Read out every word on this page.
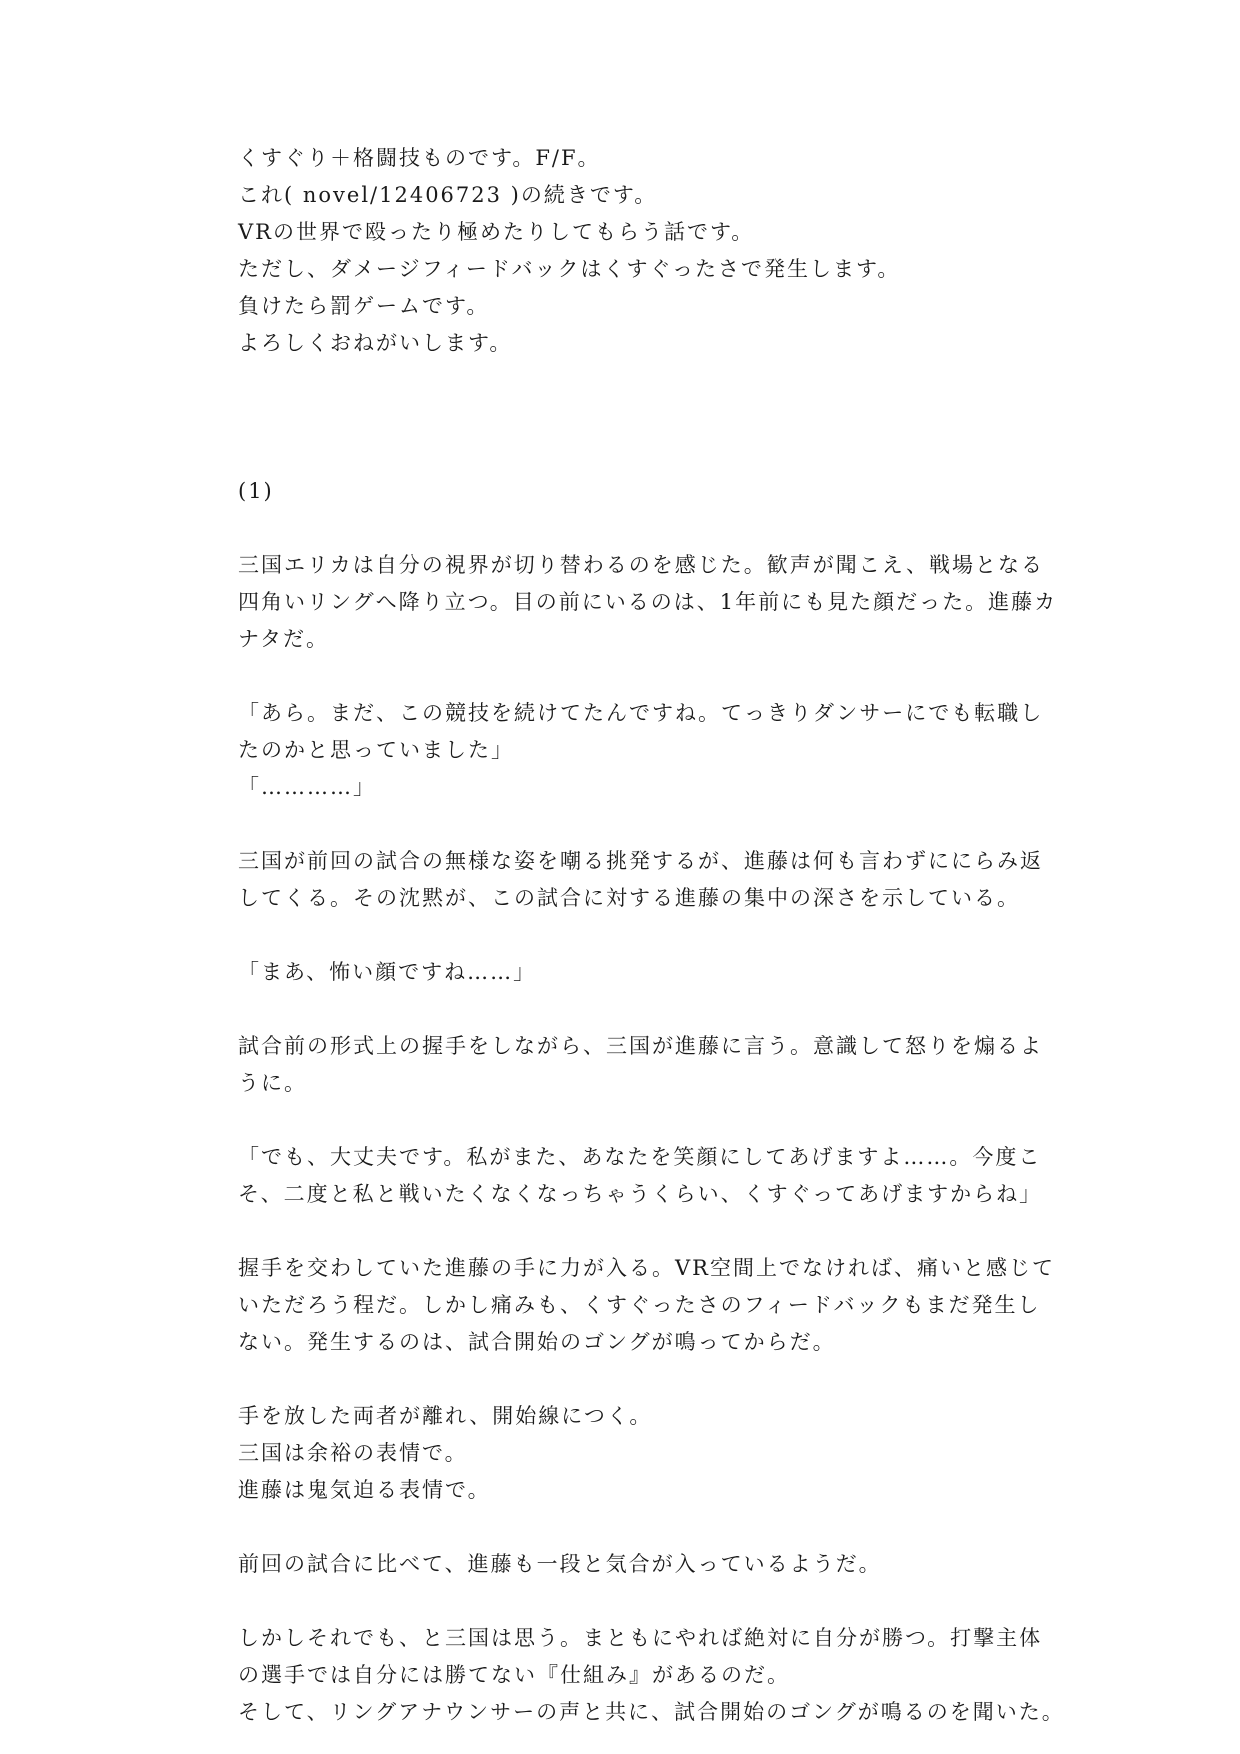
くすぐり＋格闘技ものです。F/F。
これ( novel/12406723 )の続きです。
VRの世界で殴ったり極めたりしてもらう話です。
ただし、ダメージフィードバックはくすぐったさで発生します。
負けたら罰ゲームです。
よろしくおねがいします。
(1)
三国エリカは自分の視界が切り替わるのを感じた。歓声が聞こえ、戦場となる
四角いリングへ降り立つ。目の前にいるのは、1年前にも見た顔だった。進藤カ
ナタだ。
「あら。まだ、この競技を続けてたんですね。てっきりダンサーにでも転職し
たのかと思っていました」
「…………」
三国が前回の試合の無様な姿を嘲る挑発するが、進藤は何も言わずににらみ返
してくる。その沈黙が、この試合に対する進藤の集中の深さを示している。
「まあ、怖い顔ですね……」
試合前の形式上の握手をしながら、三国が進藤に言う。意識して怒りを煽るよ
うに。
「でも、大丈夫です。私がまた、あなたを笑顔にしてあげますよ……。今度こ
そ、二度と私と戦いたくなくなっちゃうくらい、くすぐってあげますからね」
握手を交わしていた進藤の手に力が入る。VR空間上でなければ、痛いと感じて
いただろう程だ。しかし痛みも、くすぐったさのフィードバックもまだ発生し
ない。発生するのは、試合開始のゴングが鳴ってからだ。
手を放した両者が離れ、開始線につく。
三国は余裕の表情で。
進藤は鬼気迫る表情で。
前回の試合に比べて、進藤も一段と気合が入っているようだ。
しかしそれでも、と三国は思う。まともにやれば絶対に自分が勝つ。打撃主体
の選手では自分には勝てない『仕組み』があるのだ。
そして、リングアナウンサーの声と共に、試合開始のゴングが鳴るのを聞いた。
